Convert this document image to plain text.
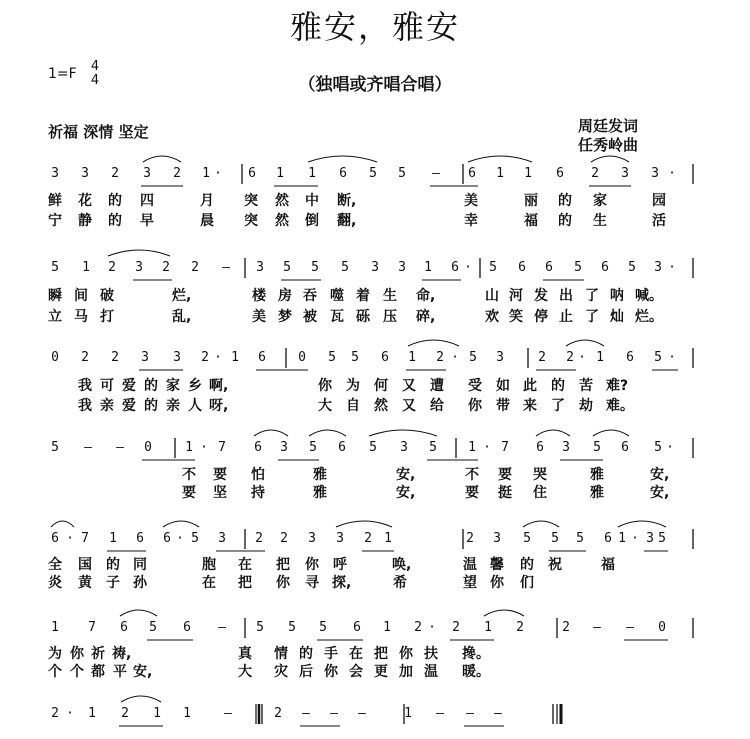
雅安，雅安
1=F 4
4	（独唱或齐唱合唱）
祈福 深情 坚定	周廷发词
任秀岭曲
3 3 2 3 2 1 · 6 1 1 6 5 5 – 6 1 1 6 2 3 3 ·
鲜 花 的 四	月 突 然 中 断,	美	丽 的 家	园
宁 静 的 早	晨 突 然 倒 翻,	幸	福 的 生	活
5 1 2 3 2 2 – 3 5 5 5 3 3 1 6 · 5 6 6 5 6 5 3 ·
瞬 间 破	烂,	楼 房 吞 噬 着 生 命,	山 河 发 出 了 呐 喊。
立 马 打	乱,	美 梦 被 瓦 砾 压 碎,	欢 笑 停 止 了 灿 烂。
0 2 2 3 3 2 · 1 6 0 5 5 6 1 2 · 5 3	2 2 · 1 6 5 ·
我 可 爱 的 家 乡 啊,	你 为 何 又 遭 受 如 此 的 苦 难?
我 亲 爱 的 亲 人 呀,	大 自 然 又 给 你 带 来 了 劫 难。
5 – – 0	1 · 7 6 3 5 6 5 3 5 1 · 7 6 3 5 6 5 ·
不 要 怕	雅	安,	不 要 哭	雅	安,
要 坚 持	雅	安,	要 挺 住	雅	安,
6 · 7 1 6 6 · 5 3 2 2 3 3 2 1	2 3 5 5 5 6 1 · 3 5
全 国 的 同	胞 在 把 你 呼	唤,	温 馨 的 祝	福
炎 黄 子 孙	在 把 你 寻 探,	希	望 你 们
1 7 6 5 6 – 5 5 5 6 1 2 · 2 1 2	2 – – 0
为 你 祈 祷,	真 情 的 手 在 把 你 扶 搀。
个 个 都 平 安,	大 灾 后 你 会 更 加 温 暖。
2 · 1 2 1 1	–	2 – – –	1 – – –
